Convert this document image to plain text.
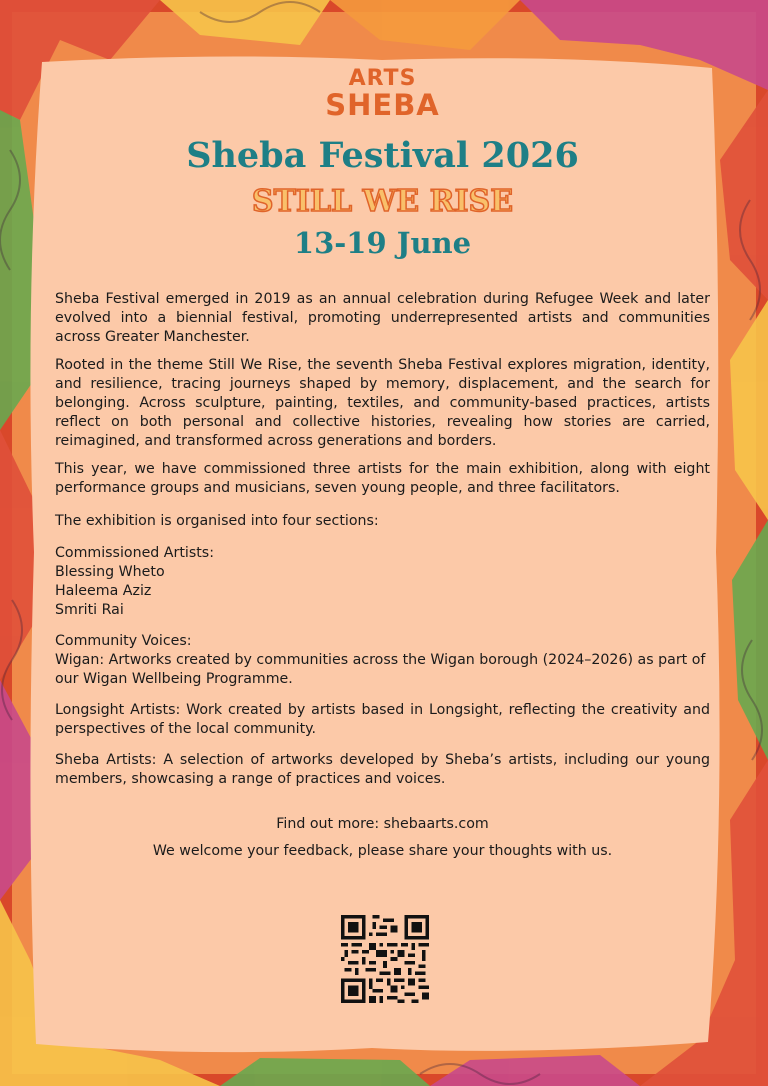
ARTS
SHEBA
Sheba Festival 2026
STILL WE RISE
13-19 June

Sheba Festival emerged in 2019 as an annual celebration during Refugee Week and later evolved into a biennial festival, promoting underrepresented artists and communities across Greater Manchester.

Rooted in the theme Still We Rise, the seventh Sheba Festival explores migration, identity, and resilience, tracing journeys shaped by memory, displacement, and the search for belonging. Across sculpture, painting, textiles, and community-based practices, artists reflect on both personal and collective histories, revealing how stories are carried, reimagined, and transformed across generations and borders.

This year, we have commissioned three artists for the main exhibition, along with eight performance groups and musicians, seven young people, and three facilitators.

The exhibition is organised into four sections:

Commissioned Artists:

Blessing Wheto

Haleema Aziz

Smriti Rai

Community Voices:

Wigan: Artworks created by communities across the Wigan borough (2024–2026) as part of our Wigan Wellbeing Programme.

Longsight Artists: Work created by artists based in Longsight, reflecting the creativity and perspectives of the local community.

Sheba Artists: A selection of artworks developed by Sheba’s artists, including our young members, showcasing a range of practices and voices.

Find out more: shebaarts.com

We welcome your feedback, please share your thoughts with us.
